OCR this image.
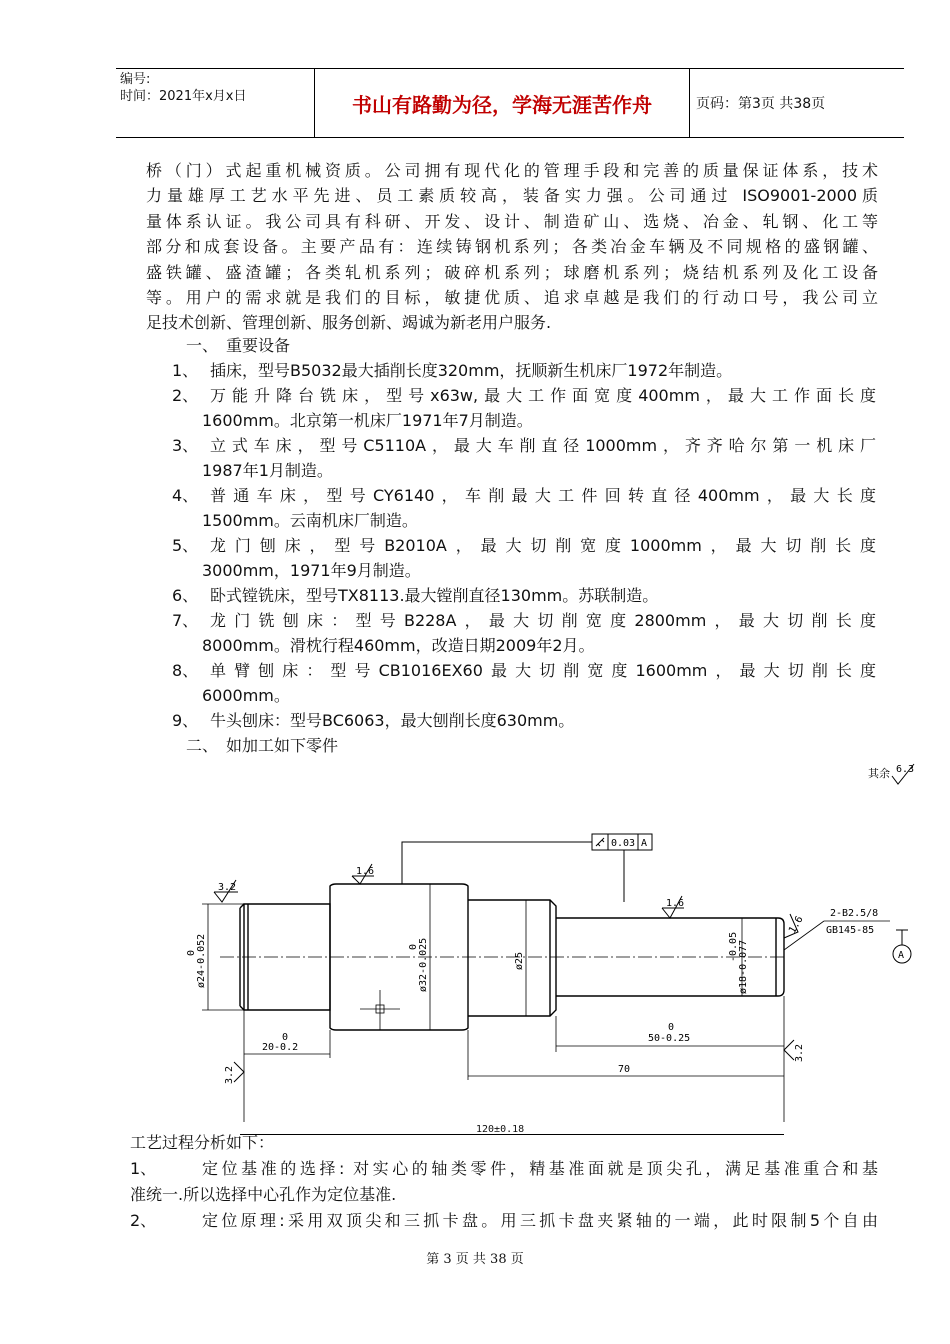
编号:
时间：2021年x月x日	书山有路勤为径，学海无涯苦作舟	页码：第3页 共38页
桥（门）式起重机械资质。公司拥有现代化的管理手段和完善的质量保证体系，技术
力量雄厚工艺水平先进、员工素质较高，装备实力强。公司通过 ISO9001-2000质
量体系认证。我公司具有科研、开发、设计、制造矿山、选烧、冶金、轧钢、化工等
部分和成套设备。主要产品有：连续铸钢机系列；各类冶金车辆及不同规格的盛钢罐、
盛铁罐、盛渣罐；各类轧机系列；破碎机系列；球磨机系列；烧结机系列及化工设备
等。用户的需求就是我们的目标，敏捷优质、追求卓越是我们的行动口号，我公司立
足技术创新、管理创新、服务创新、竭诚为新老用户服务.
一、　重要设备
1、 插床，型号B5032最大插削长度320mm，抚顺新生机床厂1972年制造。
2、 万能升降台铣床，型号x63w,最大工作面宽度400mm，最大工作面长度
1600mm。北京第一机床厂1971年7月制造。
3、 立式车床，型号C5110A，最大车削直径1000mm，齐齐哈尔第一机床厂
1987年1月制造。
4、 普通车床，型号CY6140，车削最大工件回转直径400mm，最大长度
1500mm。云南机床厂制造。
5、 龙门刨床，型号B2010A，最大切削宽度1000mm，最大切削长度
3000mm，1971年9月制造。
6、 卧式镗铣床，型号TX8113.最大镗削直径130mm。苏联制造。
7、 龙门铣刨床：型号B228A，最大切削宽度2800mm，最大切削长度
8000mm。滑枕行程460mm，改造日期2009年2月。
8、 单臂刨床：型号CB1016EX60最大切削宽度1600mm，最大切削长度
6000mm。
9、 牛头刨床：型号BC6063，最大刨削长度630mm。
二、　如加工如下零件
其余 6.3
ø24-0.052
0	ø32-0.025
0
ø25	ø18-0.077
-0.05
0.03 A
3.2
1.6
1.6
1.6
2-B2.5/8
GB145-85
A
20-0.2
0	50-0.25
0
70
3.2
3.2
120±0.18
工艺过程分析如下：
1、	定位基准的选择: 对实心的轴类零件，精基准面就是顶尖孔，满足基准重合和基
准统一.所以选择中心孔作为定位基准.
2、	定位原理:采用双顶尖和三抓卡盘。用三抓卡盘夹紧轴的一端，此时限制5个自由
第 3 页 共 38 页
